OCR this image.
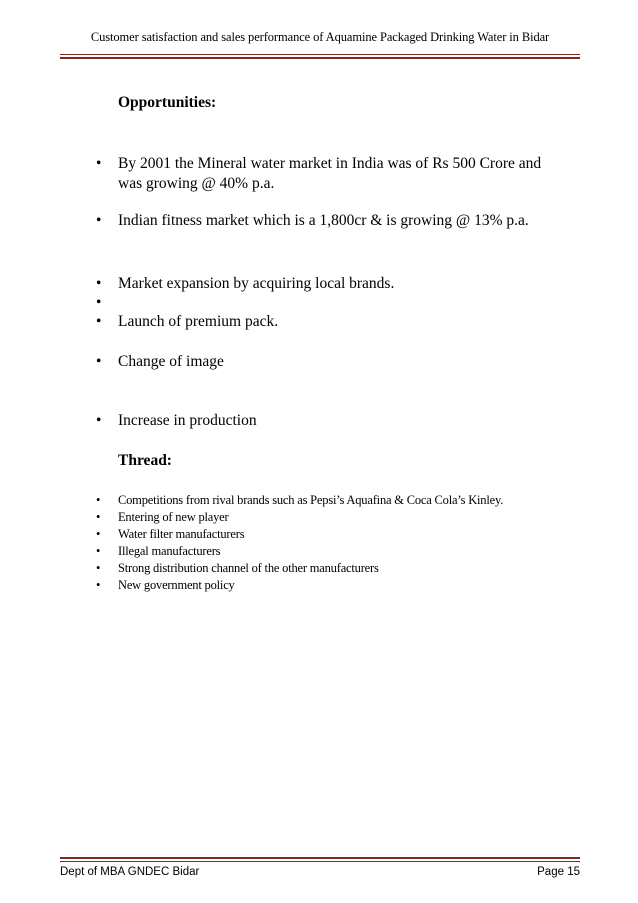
Customer satisfaction and sales performance of Aquamine Packaged Drinking Water in Bidar
Opportunities:
• By 2001 the Mineral water market in India was of Rs 500 Crore and was growing @ 40% p.a.
• Indian fitness market which is a 1,800cr & is growing @ 13% p.a.
• Market expansion by acquiring local brands.
•
• Launch of premium pack.
• Change of image
• Increase in production
Thread:
• Competitions from rival brands such as Pepsi’s Aquafina & Coca Cola’s Kinley.
• Entering of new player
• Water filter manufacturers
• Illegal manufacturers
• Strong distribution channel of the other manufacturers
• New government policy
Dept of MBA GNDEC Bidar	Page 15
